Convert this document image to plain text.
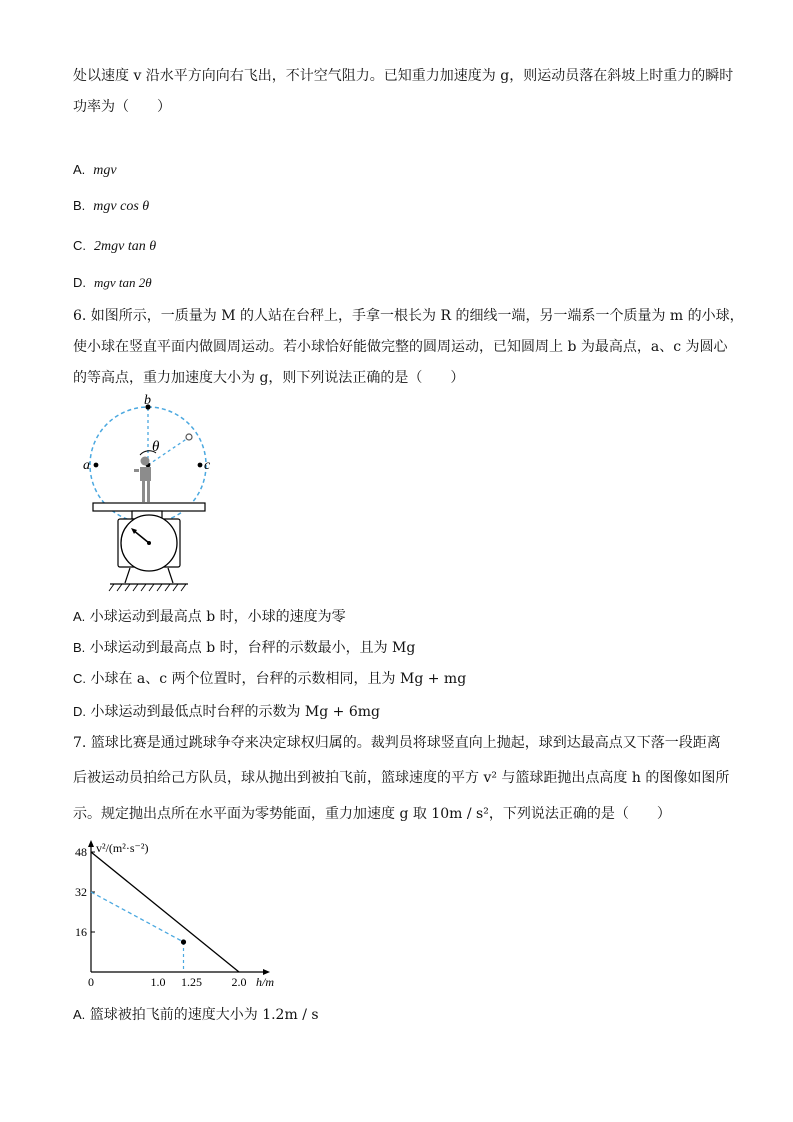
处以速度 v 沿水平方向向右飞出，不计空气阻力。已知重力加速度为 g，则运动员落在斜坡上时重力的瞬时
功率为（　　）
A. mgv
B. mgv cos θ
C. 2mgv tan θ
D. mgv tan 2θ
6. 如图所示，一质量为 M 的人站在台秤上，手拿一根长为 R 的细线一端，另一端系一个质量为 m 的小球，
使小球在竖直平面内做圆周运动。若小球恰好能做完整的圆周运动，已知圆周上 b 为最高点，a、c 为圆心
的等高点，重力加速度大小为 g，则下列说法正确的是（　　）
b
a	c
θ
A. 小球运动到最高点 b 时，小球的速度为零
B. 小球运动到最高点 b 时，台秤的示数最小，且为 Mg
C. 小球在 a、c 两个位置时，台秤的示数相同，且为 Mg + mg
D. 小球运动到最低点时台秤的示数为 Mg + 6mg
7. 篮球比赛是通过跳球争夺来决定球权归属的。裁判员将球竖直向上抛起，球到达最高点又下落一段距离
后被运动员拍给己方队员，球从抛出到被拍飞前，篮球速度的平方 v² 与篮球距抛出点高度 h 的图像如图所
示。规定抛出点所在水平面为零势能面，重力加速度 g 取 10m / s²，下列说法正确的是（　　）
v²/(m²·s⁻²)
h/m
16
32
48
0	1.0 1.25 2.0
A. 篮球被拍飞前的速度大小为 1.2m / s
